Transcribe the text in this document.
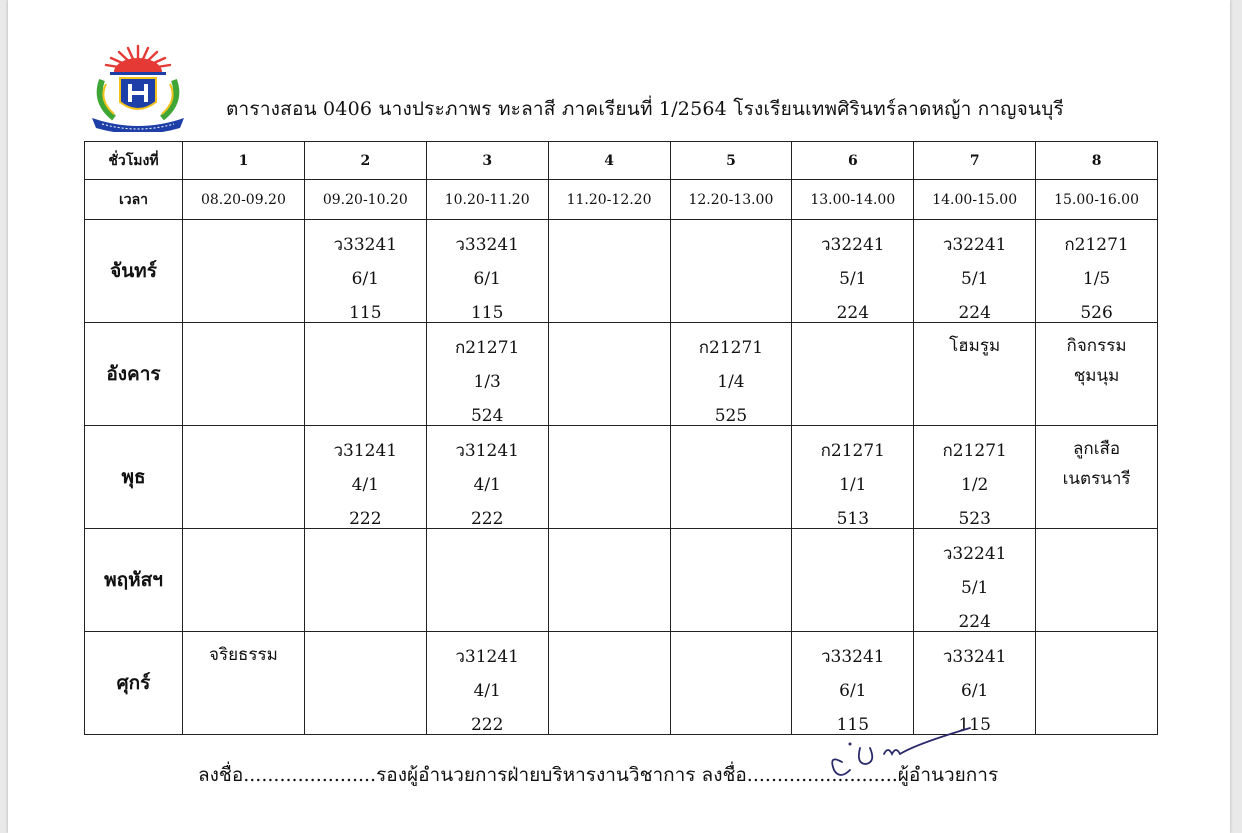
ตารางสอน 0406 นางประภาพร ทะลาสี ภาคเรียนที่ 1/2564 โรงเรียนเทพศิรินทร์ลาดหญ้า กาญจนบุรี
ชั่วโมงที่	1	2	3	4	5	6	7	8
เวลา	08.20-09.20	09.20-10.20	10.20-11.20	11.20-12.20	12.20-13.00	13.00-14.00	14.00-15.00	15.00-16.00
จันทร์		ว33241
6/1
115	ว33241
6/1
115			ว32241
5/1
224	ว32241
5/1
224	ก21271
1/5
526

อังคาร			ก21271
1/3
524		ก21271
1/4
525		โฮมรูม	กิจกรรม
ชุมนุม

พุธ		ว31241
4/1
222	ว31241
4/1
222			ก21271
1/1
513	ก21271
1/2
523	ลูกเสือ
เนตรนารี

พฤหัสฯ							ว32241
5/1
224	

ศุกร์	จริยธรรม		ว31241
4/1
222			ว33241
6/1
115	ว33241
6/1
115	

ลงชื่อ......................รองผู้อำนวยการฝ่ายบริหารงานวิชาการ ลงชื่อ.........................ผู้อำนวยการ
